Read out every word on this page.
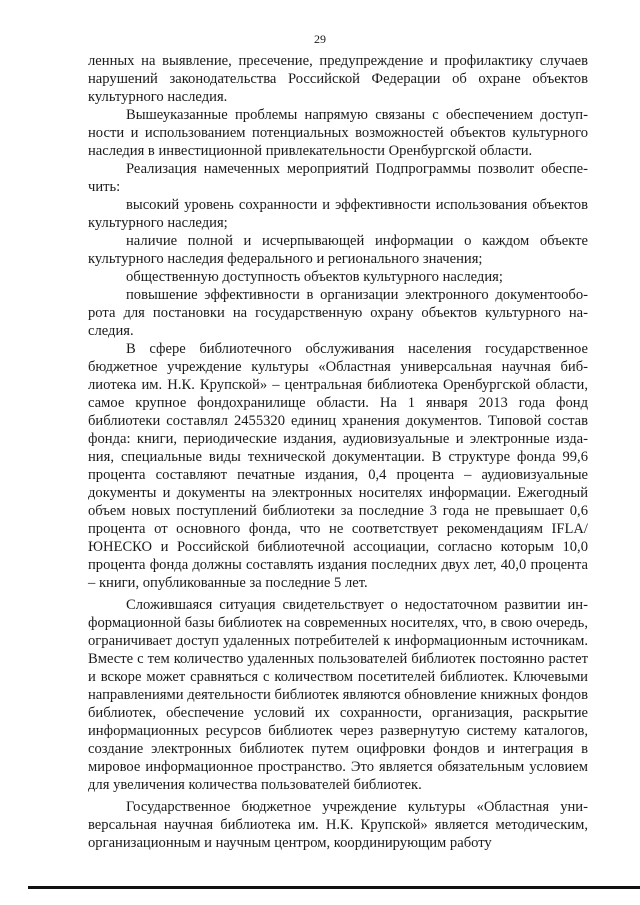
29

ленных на выявление, пресечение, предупреждение и профилактику случаев нарушений законодательства Российской Федерации об охране объектов культурного наследия.

Вышеуказанные проблемы напрямую связаны с обеспечением доступности и использованием потенциальных возможностей объектов культурного наследия в инвестиционной привлекательности Оренбургской области.

Реализация намеченных мероприятий Подпрограммы позволит обеспечить:

высокий уровень сохранности и эффективности использования объектов культурного наследия;

наличие полной и исчерпывающей информации о каждом объекте культурного наследия федерального и регионального значения;

общественную доступность объектов культурного наследия;

повышение эффективности в организации электронного документооборота для постановки на государственную охрану объектов культурного наследия.

В сфере библиотечного обслуживания населения государственное бюджетное учреждение культуры «Областная универсальная научная библиотека им. Н.К. Крупской» – центральная библиотека Оренбургской области, самое крупное фондохранилище области. На 1 января 2013 года фонд библиотеки составлял 2455320 единиц хранения документов. Типовой состав фонда: книги, периодические издания, аудиовизуальные и электронные издания, специальные виды технической документации. В структуре фонда 99,6 процента составляют печатные издания, 0,4 процента – аудиовизуальные документы и документы на электронных носителях информации. Ежегодный объем новых поступлений библиотеки за последние 3 года не превышает 0,6 процента от основного фонда, что не соответствует рекомендациям IFLA/ЮНЕСКО и Российской библиотечной ассоциации, согласно которым 10,0 процента фонда должны составлять издания последних двух лет, 40,0 процента – книги, опубликованные за последние 5 лет.

Сложившаяся ситуация свидетельствует о недостаточном развитии информационной базы библиотек на современных носителях, что, в свою очередь, ограничивает доступ удаленных потребителей к информационным источникам. Вместе с тем количество удаленных пользователей библиотек постоянно растет и вскоре может сравняться с количеством посетителей библиотек. Ключевыми направлениями деятельности библиотек являются обновление книжных фондов библиотек, обеспечение условий их сохранности, организация, раскрытие информационных ресурсов библиотек через развернутую систему каталогов, создание электронных библиотек путем оцифровки фондов и интеграция в мировое информационное пространство. Это является обязательным условием для увеличения количества пользователей библиотек.

Государственное бюджетное учреждение культуры «Областная универсальная научная библиотека им. Н.К. Крупской» является методическим, организационным и научным центром, координирующим работу
